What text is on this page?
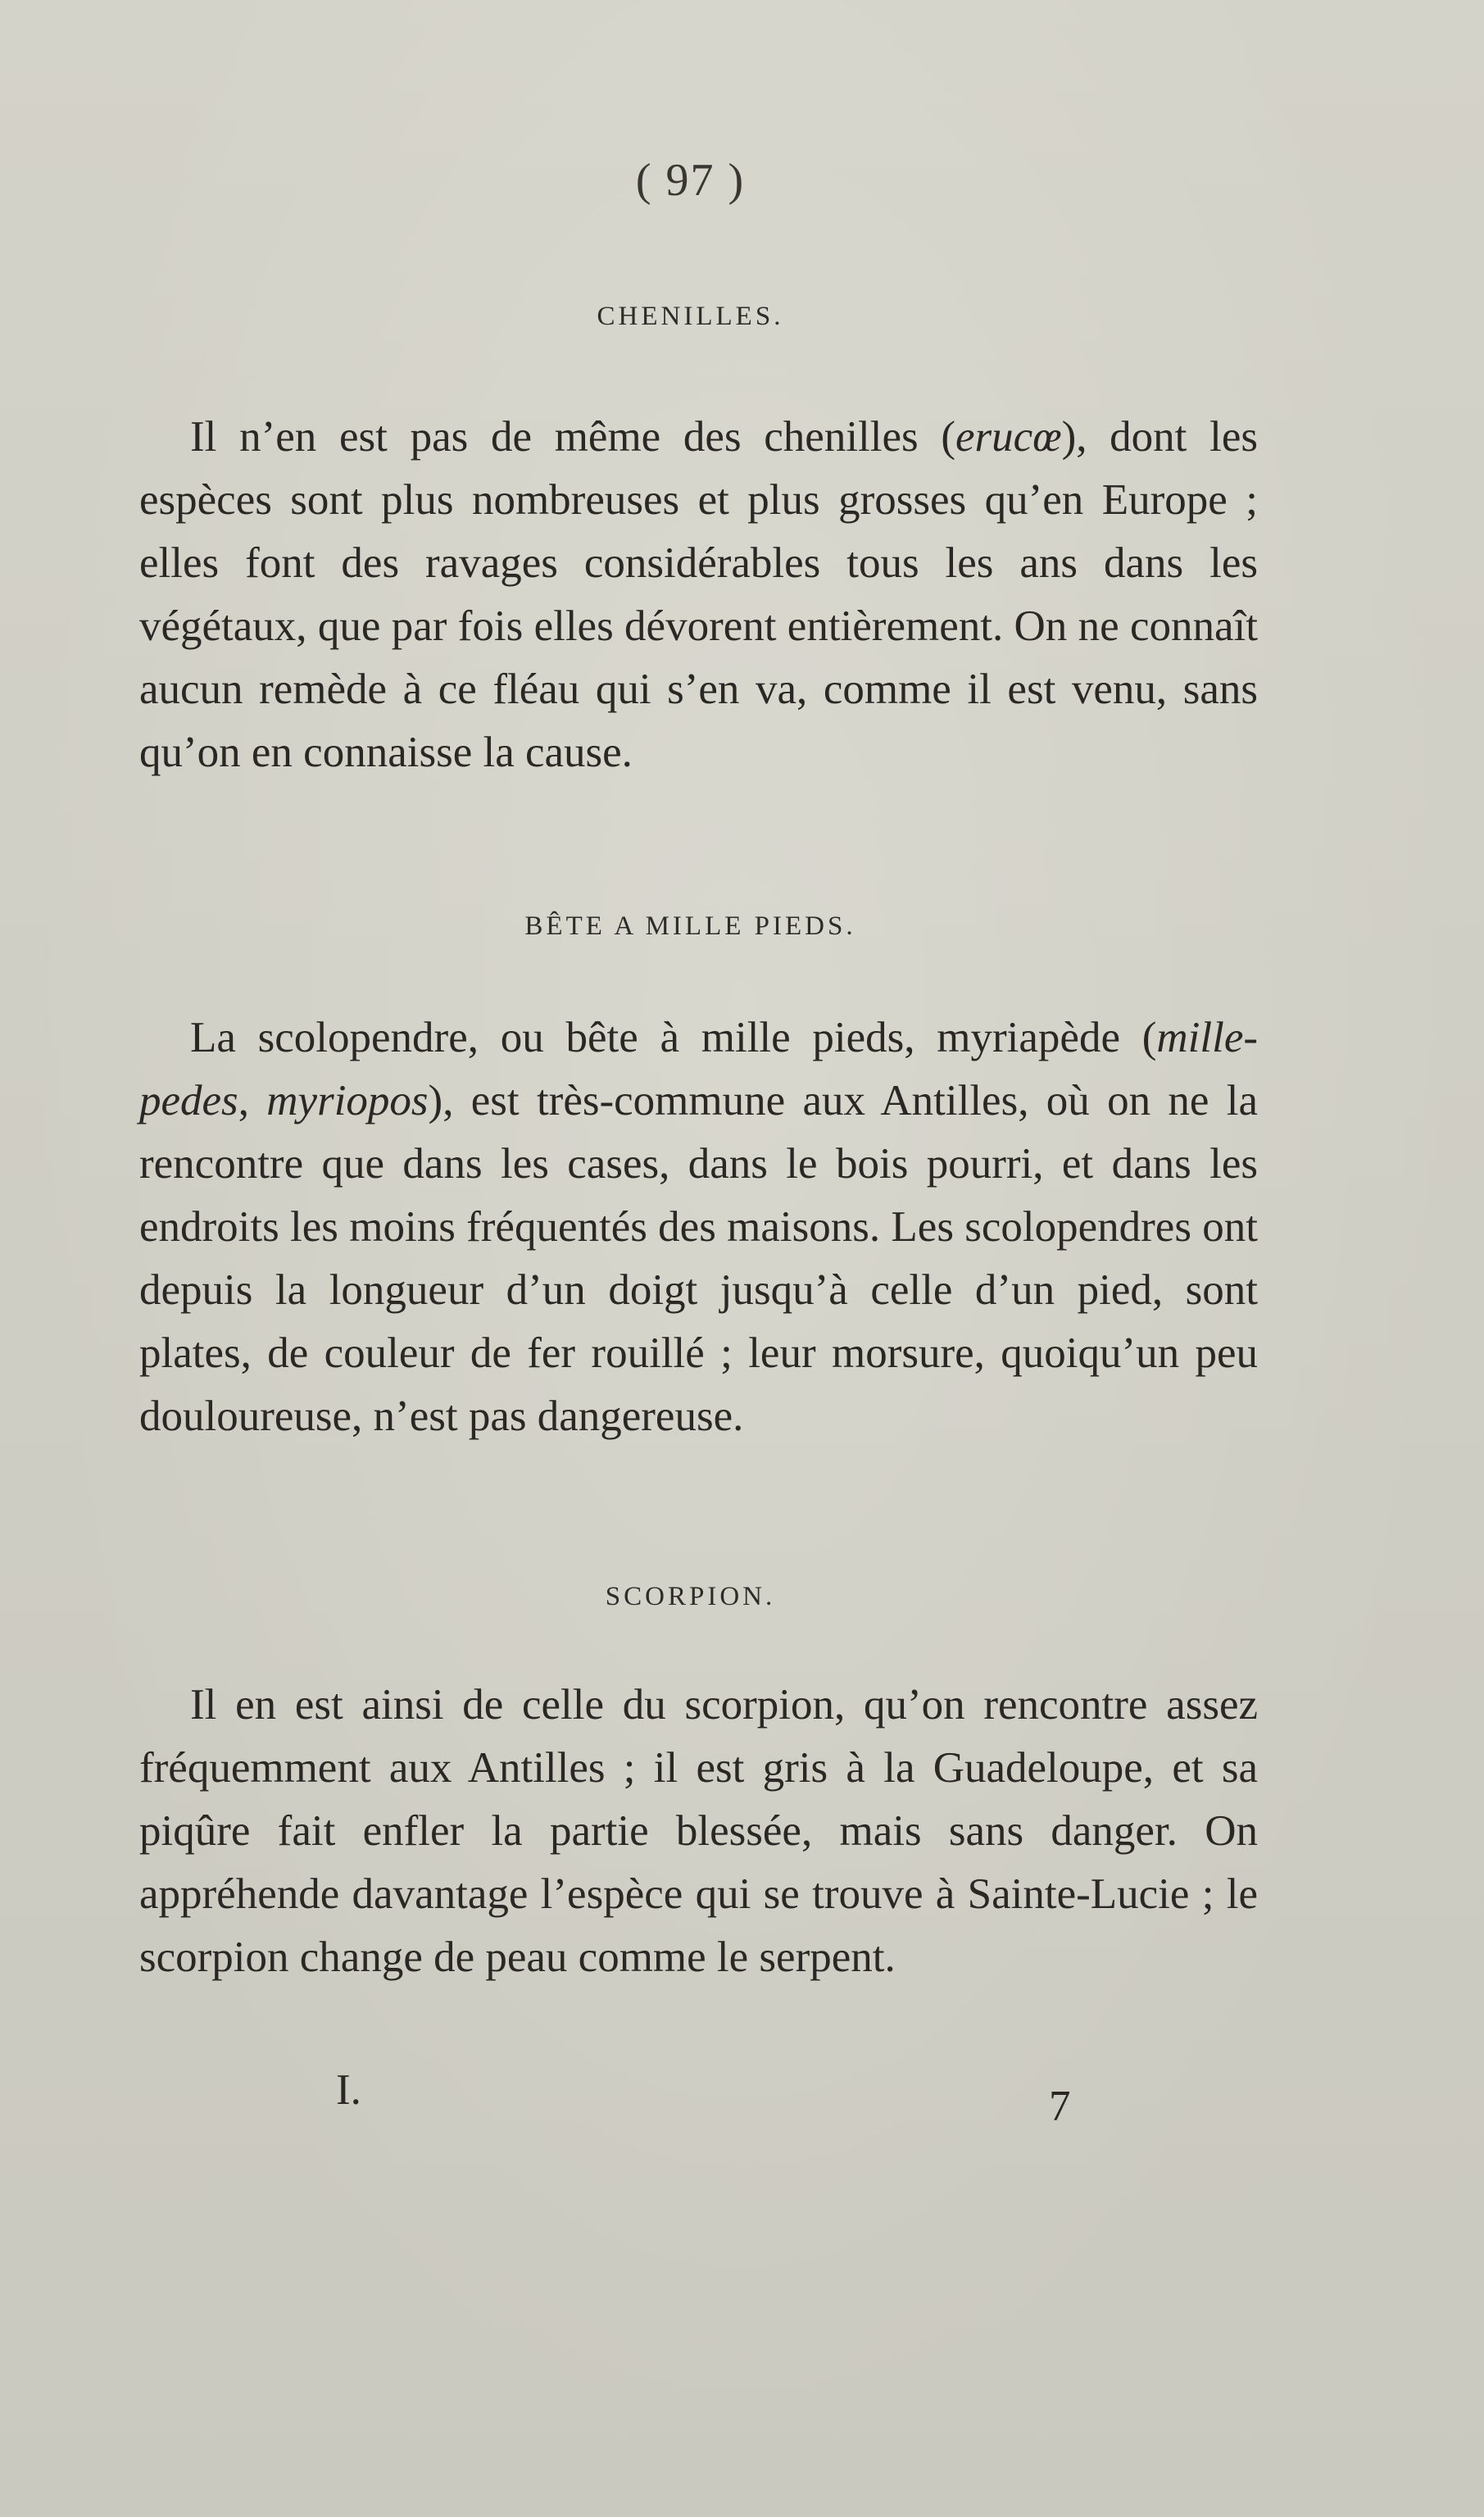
( 97 )
CHENILLES.

Il n’en est pas de même des chenilles (erucœ), dont les espèces sont plus nombreuses et plus grosses qu’en Europe ; elles font des ravages considérables tous les ans dans les végétaux, que par fois elles dévorent entièrement. On ne connaît aucun remède à ce fléau qui s’en va, comme il est venu, sans qu’on en connaisse la cause.

BÊTE A MILLE PIEDS.

La scolopendre, ou bête à mille pieds, myriapède (mille-pedes, myriopos), est très-commune aux Antilles, où on ne la rencontre que dans les cases, dans le bois pourri, et dans les endroits les moins fréquentés des maisons. Les scolopendres ont depuis la longueur d’un doigt jusqu’à celle d’un pied, sont plates, de couleur de fer rouillé ; leur morsure, quoiqu’un peu douloureuse, n’est pas dangereuse.

SCORPION.

Il en est ainsi de celle du scorpion, qu’on rencontre assez fréquemment aux Antilles ; il est gris à la Guadeloupe, et sa piqûre fait enfler la partie blessée, mais sans danger. On appréhende davantage l’espèce qui se trouve à Sainte-Lucie ; le scorpion change de peau comme le serpent.

I.	7
